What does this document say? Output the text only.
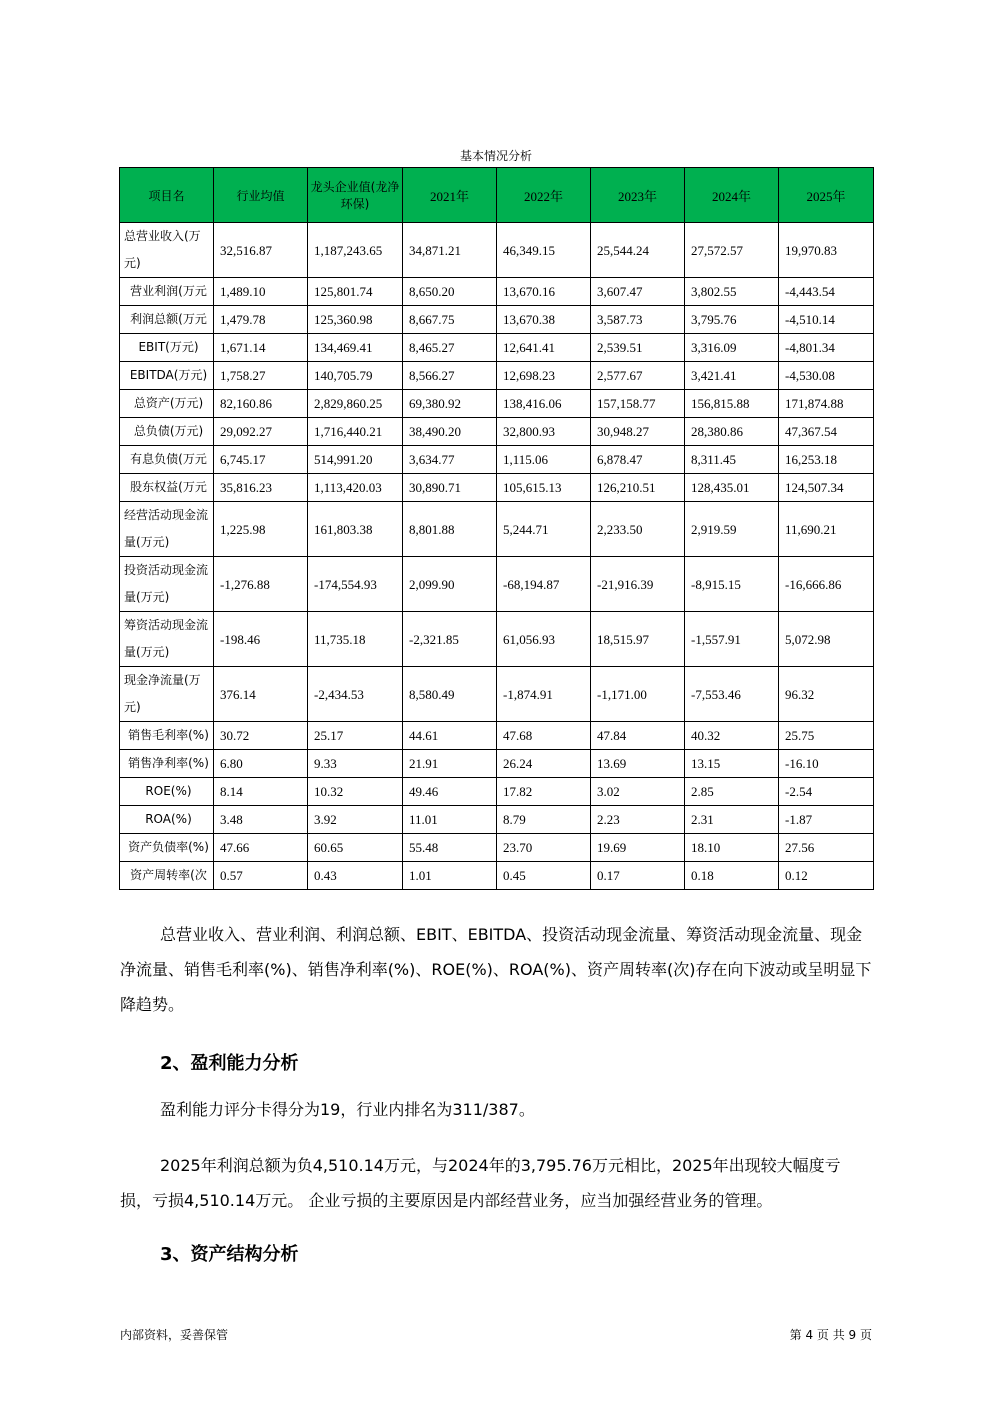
基本情况分析
项目名	行业均值	龙头企业值(龙净环保)	2021年	2022年	2023年	2024年	2025年
总营业收入(万元)	32,516.87	1,187,243.65	34,871.21	46,349.15	25,544.24	27,572.57	19,970.83
营业利润(万元	1,489.10	125,801.74	8,650.20	13,670.16	3,607.47	3,802.55	-4,443.54
利润总额(万元	1,479.78	125,360.98	8,667.75	13,670.38	3,587.73	3,795.76	-4,510.14
EBIT(万元)	1,671.14	134,469.41	8,465.27	12,641.41	2,539.51	3,316.09	-4,801.34
EBITDA(万元)	1,758.27	140,705.79	8,566.27	12,698.23	2,577.67	3,421.41	-4,530.08
总资产(万元)	82,160.86	2,829,860.25	69,380.92	138,416.06	157,158.77	156,815.88	171,874.88
总负债(万元)	29,092.27	1,716,440.21	38,490.20	32,800.93	30,948.27	28,380.86	47,367.54
有息负债(万元	6,745.17	514,991.20	3,634.77	1,115.06	6,878.47	8,311.45	16,253.18
股东权益(万元	35,816.23	1,113,420.03	30,890.71	105,615.13	126,210.51	128,435.01	124,507.34
经营活动现金流量(万元)	1,225.98	161,803.38	8,801.88	5,244.71	2,233.50	2,919.59	11,690.21
投资活动现金流量(万元)	-1,276.88	-174,554.93	2,099.90	-68,194.87	-21,916.39	-8,915.15	-16,666.86
筹资活动现金流量(万元)	-198.46	11,735.18	-2,321.85	61,056.93	18,515.97	-1,557.91	5,072.98
现金净流量(万元)	376.14	-2,434.53	8,580.49	-1,874.91	-1,171.00	-7,553.46	96.32
销售毛利率(%)	30.72	25.17	44.61	47.68	47.84	40.32	25.75
销售净利率(%)	6.80	9.33	21.91	26.24	13.69	13.15	-16.10
ROE(%)	8.14	10.32	49.46	17.82	3.02	2.85	-2.54
ROA(%)	3.48	3.92	11.01	8.79	2.23	2.31	-1.87
资产负债率(%)	47.66	60.65	55.48	23.70	19.69	18.10	27.56
资产周转率(次	0.57	0.43	1.01	0.45	0.17	0.18	0.12
总营业收入、营业利润、利润总额、EBIT、EBITDA、投资活动现金流量、筹资活动现金流量、现金净流量、销售毛利率(%)、销售净利率(%)、ROE(%)、ROA(%)、资产周转率(次)存在向下波动或呈明显下降趋势。
2、盈利能力分析
盈利能力评分卡得分为19，行业内排名为311/387。
2025年利润总额为负4,510.14万元，与2024年的3,795.76万元相比，2025年出现较大幅度亏损，亏损4,510.14万元。 企业亏损的主要原因是内部经营业务，应当加强经营业务的管理。
3、资产结构分析
内部资料，妥善保管	第 4 页 共 9 页
